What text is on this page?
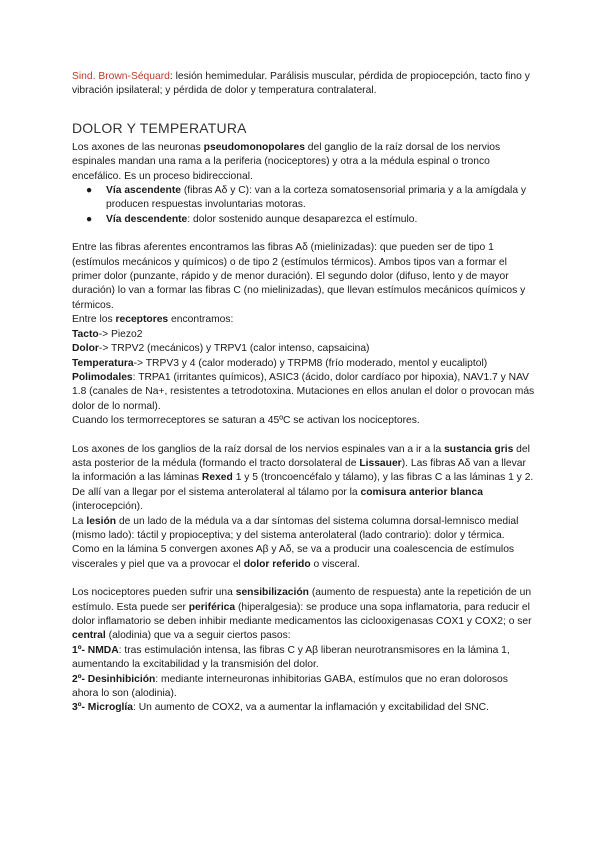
Sind. Brown-Séquard: lesión hemimedular. Parálisis muscular, pérdida de propiocepción, tacto fino y vibración ipsilateral; y pérdida de dolor y temperatura contralateral.

DOLOR Y TEMPERATURA

Los axones de las neuronas pseudomonopolares del ganglio de la raíz dorsal de los nervios espinales mandan una rama a la periferia (nociceptores) y otra a la médula espinal o tronco encefálico. Es un proceso bidireccional.

● Vía ascendente (fibras Aδ y C): van a la corteza somatosensorial primaria y a la amígdala y producen respuestas involuntarias motoras.
● Vía descendente: dolor sostenido aunque desaparezca el estímulo.

Entre las fibras aferentes encontramos las fibras Aδ (mielinizadas): que pueden ser de tipo 1 (estímulos mecánicos y químicos) o de tipo 2 (estímulos térmicos). Ambos tipos van a formar el primer dolor (punzante, rápido y de menor duración). El segundo dolor (difuso, lento y de mayor duración) lo van a formar las fibras C (no mielinizadas), que llevan estímulos mecánicos químicos y térmicos.

Entre los receptores encontramos:

Tacto-> Piezo2

Dolor-> TRPV2 (mecánicos) y TRPV1 (calor intenso, capsaicina)

Temperatura-> TRPV3 y 4 (calor moderado) y TRPM8 (frío moderado, mentol y eucaliptol)

Polimodales: TRPA1 (irritantes químicos), ASIC3 (ácido, dolor cardíaco por hipoxia), NAV1.7 y NAV 1.8 (canales de Na+, resistentes a tetrodotoxina. Mutaciones en ellos anulan el dolor o provocan más dolor de lo normal).

Cuando los termorreceptores se saturan a 45ºC se activan los nociceptores.

Los axones de los ganglios de la raíz dorsal de los nervios espinales van a ir a la sustancia gris del asta posterior de la médula (formando el tracto dorsolateral de Lissauer). Las fibras Aδ van a llevar la información a las láminas Rexed 1 y 5 (troncoencéfalo y tálamo), y las fibras C a las láminas 1 y 2. De allí van a llegar por el sistema anterolateral al tálamo por la comisura anterior blanca (interocepción).

La lesión de un lado de la médula va a dar síntomas del sistema columna dorsal-lemnisco medial (mismo lado): táctil y propioceptiva; y del sistema anterolateral (lado contrario): dolor y térmica.

Como en la lámina 5 convergen axones Aβ y Aδ, se va a producir una coalescencia de estímulos viscerales y piel que va a provocar el dolor referido o visceral.

Los nociceptores pueden sufrir una sensibilización (aumento de respuesta) ante la repetición de un estímulo. Esta puede ser periférica (hiperalgesia): se produce una sopa inflamatoria, para reducir el dolor inflamatorio se deben inhibir mediante medicamentos las ciclooxigenasas COX1 y COX2; o ser central (alodinia) que va a seguir ciertos pasos:

1º- NMDA: tras estimulación intensa, las fibras C y Aβ liberan neurotransmisores en la lámina 1, aumentando la excitabilidad y la transmisión del dolor.

2º- Desinhibición: mediante interneuronas inhibitorias GABA, estímulos que no eran dolorosos ahora lo son (alodinia).

3º- Microglía: Un aumento de COX2, va a aumentar la inflamación y excitabilidad del SNC.
